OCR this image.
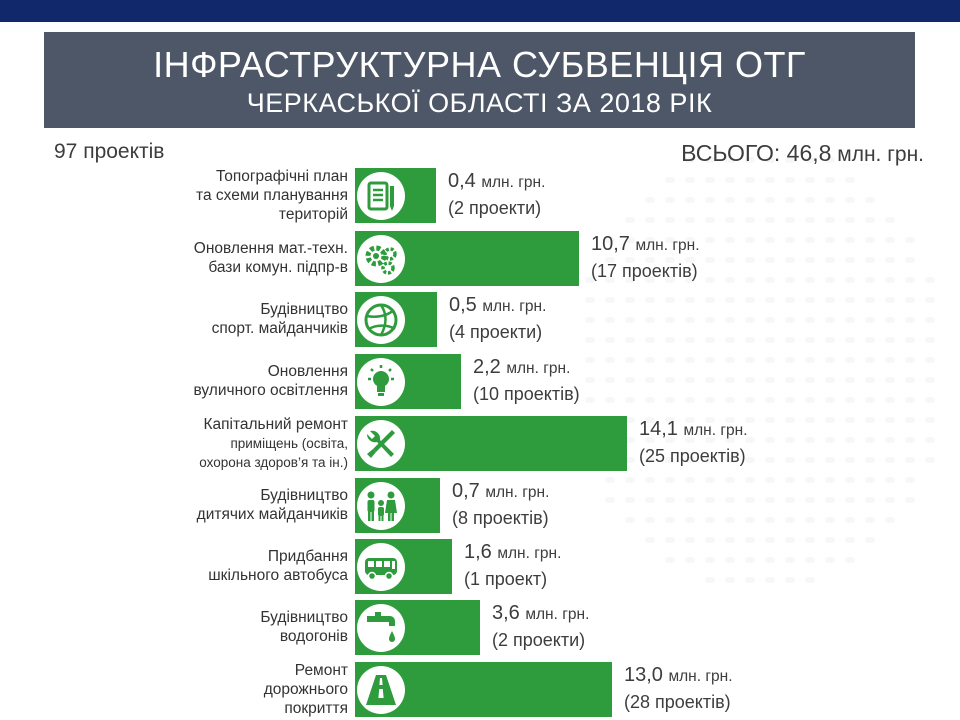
ІНФРАСТРУКТУРНА СУБВЕНЦІЯ ОТГ
ЧЕРКАСЬКОЇ ОБЛАСТІ ЗА 2018 РІК
97 проектів	ВСЬОГО: 46,8 млн. грн.
Топографічні план
та схеми планування
територій
0,4 млн. грн.
(2 проекти)
Оновлення мат.-техн.
бази комун. підпр-в
10,7 млн. грн.
(17 проектів)
Будівництво
спорт. майданчиків
0,5 млн. грн.
(4 проекти)
Оновлення
вуличного освітлення
2,2 млн. грн.
(10 проектів)
Капітальний ремонт
приміщень (освіта,
охорона здоров’я та ін.)
14,1 млн. грн.
(25 проектів)
Будівництво
дитячих майданчиків
0,7 млн. грн.
(8 проектів)
Придбання
шкільного автобуса
1,6 млн. грн.
(1 проект)
Будівництво
водогонів
3,6 млн. грн.
(2 проекти)
Ремонт
дорожнього
покриття
13,0 млн. грн.
(28 проектів)
